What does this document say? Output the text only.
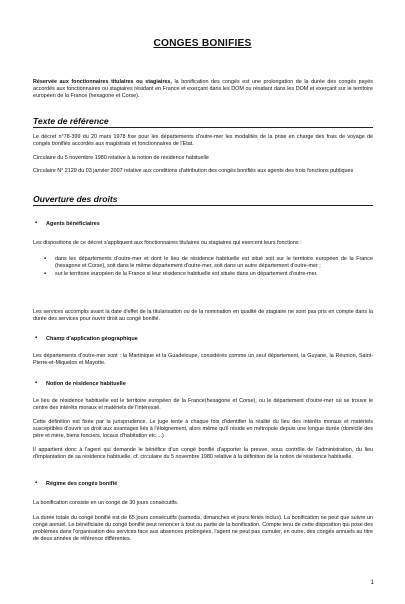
CONGES BONIFIES

Réservée aux fonctionnaires titulaires ou stagiaires, la bonification des congés est une prolongation de la durée des congés payés accordés aux fonctionnaires ou stagiaires résidant en France et exerçant dans les DOM ou résidant dans les DOM et exerçant sur le territoire européen de la France (hexagone et Corse).

Texte de référence

Le décret n°78-399 du 20 mars 1978 fixe pour les départements d'outre-mer les modalités de la prise en charge des frais de voyage de congés bonifiés accordés aux magistrats et fonctionnaires de l'Etat.

Circulaire du 5 novembre 1980 relative à la notion de résidence habituelle

Circulaire N° 2129 du 03 janvier 2007 relative aux conditions d'attribution des congés bonifiés aux agents des trois fonctions publiques

Ouverture des droits

▪ Agents bénéficiaires

Les dispositions de ce décret s'appliquent aux fonctionnaires titulaires ou stagiaires qui exercent leurs fonctions :

▪ dans les départements d'outre-mer et dont le lieu de résidence habituelle est situé soit sur le territoire européen de la France (hexagone et Corse), soit dans le même département d'outre-mer, soit dans un autre département d'outre-mer ;
▪ sur le territoire européen de la France si leur résidence habituelle est située dans un département d'outre-mer.

Les services accomplis avant la date d'effet de la titularisation ou de la nomination en qualité de stagiaire ne sont pas pris en compte dans la durée des services pour ouvrir droit au congé bonifié.

▪ Champ d'application géographique

Les départements d'outre-mer sont : la Martinique et la Guadeloupe, considérés comme un seul département, la Guyane, la Réunion, Saint-Pierre-et-Miquelon et Mayotte.

▪ Notion de résidence habituelle

Le lieu de résidence habituelle est le territoire européen de la France(hexagone et Corse), ou le département d'outre-mer où se trouve le centre des intérêts moraux et matériels de l'intéressé.

Cette définition est fixée par la jurisprudence. Le juge tente à chaque fois d'identifier la réalité du lieu des intérêts moraux et matériels susceptibles d'ouvrir un droit aux avantages liés à l'éloignement, alors même qu'il réside en métropole depuis une longue durée (domicile des père et mère, biens fonciers, locaux d'habitation etc....)

Il appartient donc à l'agent qui demande le bénéfice d'un congé bonifié d'apporter la preuve, sous contrôle de l'administration, du lieu d'implantation de sa résidence habituelle, cf. circulaire du 5 novembre 1980 relative à la définition de la notion de résidence habituelle.

▪ Régime des congés bonifié

La bonification consiste en un congé de 30 jours consécutifs.

La durée totale du congé bonifié est de 65 jours consécutifs (samedis, dimanches et jours fériés inclus). La bonification ne peut que suivre un congé annuel. Le bénéficiaire du congé bonifié peut renoncer à tout ou partie de la bonification. Compte tenu de cette disposition qui pose des problèmes dans l'organisation des services face aux absences prolongées, l'agent ne peut pas cumuler, en outre, des congés annuels au titre de deux années de référence différentes.

1
